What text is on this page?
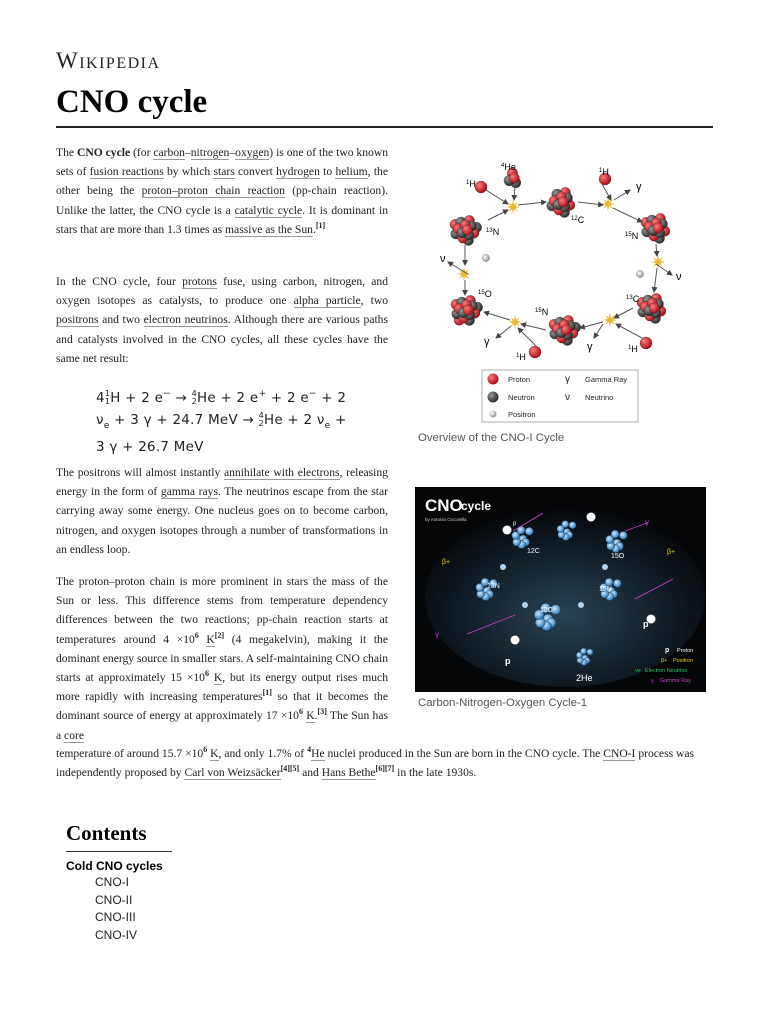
Wikipedia
CNO cycle

The CNO cycle (for carbon–nitrogen–oxygen) is one of the two known sets of fusion reactions by which stars convert hydrogen to helium, the other being the proton–proton chain reaction (pp-chain reaction). Unlike the latter, the CNO cycle is a catalytic cycle. It is dominant in stars that are more than 1.3 times as massive as the Sun.[1]

In the CNO cycle, four protons fuse, using carbon, nitrogen, and oxygen isotopes as catalysts, to produce one alpha particle, two positrons and two electron neutrinos. Although there are various paths and catalysts involved in the CNO cycles, all these cycles have the same net result:

4 1
1 H + 2 e− → 4
2 He + 2 e+ + 2 e− + 2
$\nu_e + 3$ γ + 24.7 MeV → 4
2 He + 2 $\nu_e$ +
3 γ + 26.7 MeV

The positrons will almost instantly annihilate with electrons, releasing energy in the form of gamma rays. The neutrinos escape from the star carrying away some energy. One nucleus goes on to become carbon, nitrogen, and oxygen isotopes through a number of transformations in an endless loop.

The proton–proton chain is more prominent in stars the mass of the Sun or less. This difference stems from temperature dependency differences between the two reactions; pp-chain reaction starts at temperatures around $4 \times 10^6$ K[2] (4 megakelvin), making it the dominant energy source in smaller stars. A self-maintaining CNO chain starts at approximately $15 \times 10^6$ K, but its energy output rises much more rapidly with increasing temperatures[1] so that it becomes the dominant source of energy at approximately $17 \times 10^6$ K.[3] The Sun has a core

temperature of around $15.7 \times 10^6$ K, and only 1.7% of $^4$He nuclei produced in the Sun are born in the CNO cycle. The CNO-I process was independently proposed by Carl von Weizsäcker[4][5] and Hans Bethe[6][7] in the late 1930s.
$^4$He
$^1$H
$^1$H
$^{13}$N
$^{12}$C
$^{15}$N
$^{15}$O	$^{13}$C
$^{15}$N
$^1$H
$^1$H
γ
ν
ν
γ	γ
Proton
Neutron
Positron
γ Gamma Ray
ν Neutrino
Overview of the CNO-I Cycle
CNO
cycle
by Antonio Ciccolella
12C
15O
13N	15N
12C
2He
p
p
p
β+
β+
γ
γ
p Proton
β+ Positron
νe Electron Neutrino
γ Gamma Ray
Carbon-Nitrogen-Oxygen Cycle-1
Contents
Cold CNO cycles
CNO-I
CNO-II
CNO-III
CNO-IV
